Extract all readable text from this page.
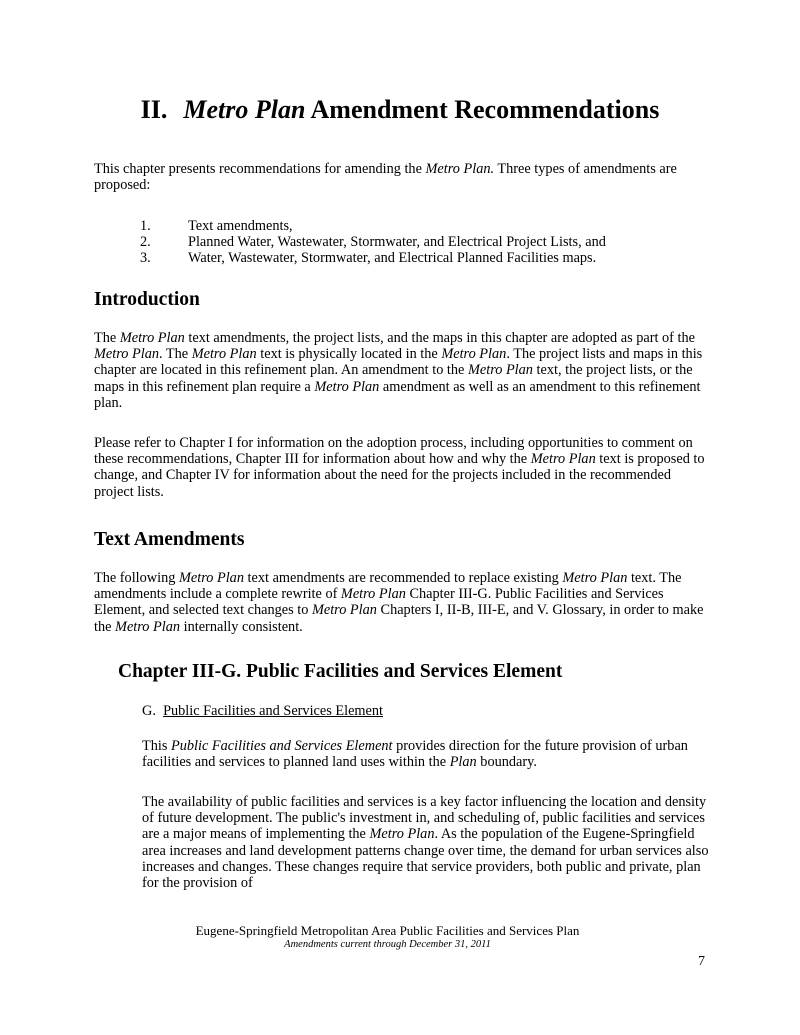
II. Metro Plan Amendment Recommendations

This chapter presents recommendations for amending the Metro Plan. Three types of amendments are proposed:

1.	Text amendments,
2.	Planned Water, Wastewater, Stormwater, and Electrical Project Lists, and
3.	Water, Wastewater, Stormwater, and Electrical Planned Facilities maps.
Introduction

The Metro Plan text amendments, the project lists, and the maps in this chapter are adopted as part of the Metro Plan. The Metro Plan text is physically located in the Metro Plan. The project lists and maps in this chapter are located in this refinement plan. An amendment to the Metro Plan text, the project lists, or the maps in this refinement plan require a Metro Plan amendment as well as an amendment to this refinement plan.

Please refer to Chapter I for information on the adoption process, including opportunities to comment on these recommendations, Chapter III for information about how and why the Metro Plan text is proposed to change, and Chapter IV for information about the need for the projects included in the recommended project lists.

Text Amendments

The following Metro Plan text amendments are recommended to replace existing Metro Plan text. The amendments include a complete rewrite of Metro Plan Chapter III-G. Public Facilities and Services Element, and selected text changes to Metro Plan Chapters I, II-B, III-E, and V. Glossary, in order to make the Metro Plan internally consistent.

Chapter III-G. Public Facilities and Services Element
G. Public Facilities and Services Element

This Public Facilities and Services Element provides direction for the future provision of urban facilities and services to planned land uses within the Plan boundary.

The availability of public facilities and services is a key factor influencing the location and density of future development. The public's investment in, and scheduling of, public facilities and services are a major means of implementing the Metro Plan. As the population of the Eugene-Springfield area increases and land development patterns change over time, the demand for urban services also increases and changes. These changes require that service providers, both public and private, plan for the provision of

Eugene-Springfield Metropolitan Area Public Facilities and Services Plan
Amendments current through December 31, 2011
7
